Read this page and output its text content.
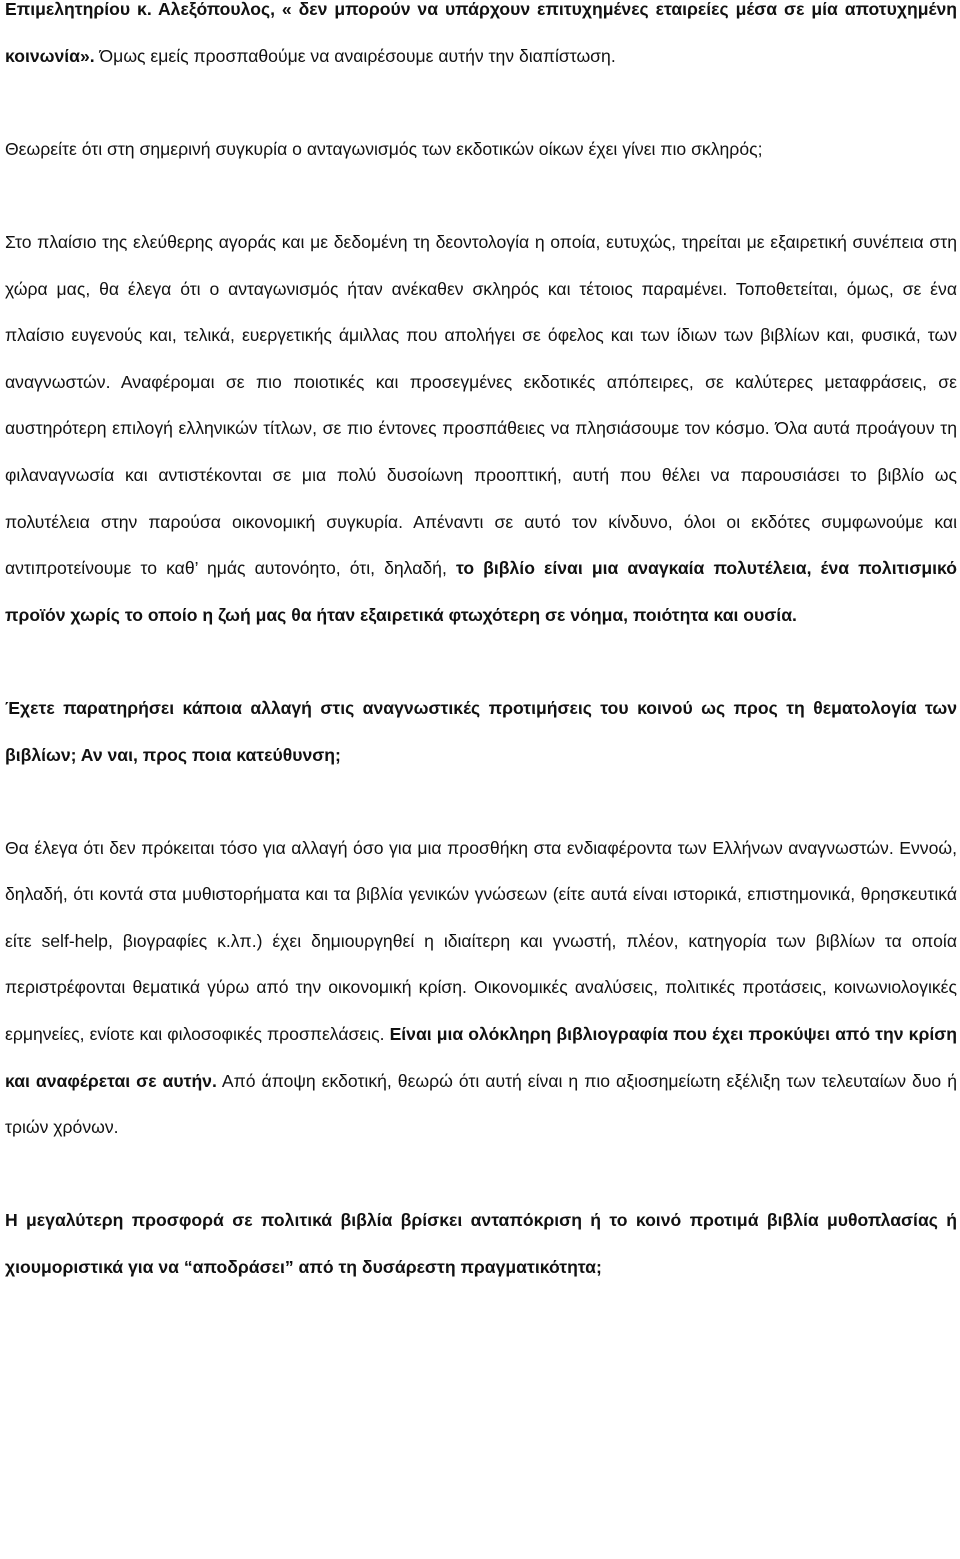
Επιμελητηρίου κ. Αλεξόπουλος, « δεν μπορούν να υπάρχουν επιτυχημένες εταιρείες μέσα σε μία αποτυχημένη κοινωνία». Όμως εμείς προσπαθούμε να αναιρέσουμε αυτήν την διαπίστωση.

Θεωρείτε ότι στη σημερινή συγκυρία ο ανταγωνισμός των εκδοτικών οίκων έχει γίνει πιο σκληρός;

Στο πλαίσιο της ελεύθερης αγοράς και με δεδομένη τη δεοντολογία η οποία, ευτυχώς, τηρείται με εξαιρετική συνέπεια στη χώρα μας, θα έλεγα ότι ο ανταγωνισμός ήταν ανέκαθεν σκληρός και τέτοιος παραμένει. Τοποθετείται, όμως, σε ένα πλαίσιο ευγενούς και, τελικά, ευεργετικής άμιλλας που απολήγει σε όφελος και των ίδιων των βιβλίων και, φυσικά, των αναγνωστών. Αναφέρομαι σε πιο ποιοτικές και προσεγμένες εκδοτικές απόπειρες, σε καλύτερες μεταφράσεις, σε αυστηρότερη επιλογή ελληνικών τίτλων, σε πιο έντονες προσπάθειες να πλησιάσουμε τον κόσμο. Όλα αυτά προάγουν τη φιλαναγνωσία και αντιστέκονται σε μια πολύ δυσοίωνη προοπτική, αυτή που θέλει να παρουσιάσει το βιβλίο ως πολυτέλεια στην παρούσα οικονομική συγκυρία. Απέναντι σε αυτό τον κίνδυνο, όλοι οι εκδότες συμφωνούμε και αντιπροτείνουμε το καθ’ ημάς αυτονόητο, ότι, δηλαδή, το βιβλίο είναι μια αναγκαία πολυτέλεια, ένα πολιτισμικό προϊόν χωρίς το οποίο η ζωή μας θα ήταν εξαιρετικά φτωχότερη σε νόημα, ποιότητα και ουσία.

Έχετε παρατηρήσει κάποια αλλαγή στις αναγνωστικές προτιμήσεις του κοινού ως προς τη θεματολογία των βιβλίων; Αν ναι, προς ποια κατεύθυνση;

Θα έλεγα ότι δεν πρόκειται τόσο για αλλαγή όσο για μια προσθήκη στα ενδιαφέροντα των Ελλήνων αναγνωστών. Εννοώ, δηλαδή, ότι κοντά στα μυθιστορήματα και τα βιβλία γενικών γνώσεων (είτε αυτά είναι ιστορικά, επιστημονικά, θρησκευτικά είτε self-help, βιογραφίες κ.λπ.) έχει δημιουργηθεί η ιδιαίτερη και γνωστή, πλέον, κατηγορία των βιβλίων τα οποία περιστρέφονται θεματικά γύρω από την οικονομική κρίση. Οικονομικές αναλύσεις, πολιτικές προτάσεις, κοινωνιολογικές ερμηνείες, ενίοτε και φιλοσοφικές προσπελάσεις. Είναι μια ολόκληρη βιβλιογραφία που έχει προκύψει από την κρίση και αναφέρεται σε αυτήν. Από άποψη εκδοτική, θεωρώ ότι αυτή είναι η πιο αξιοσημείωτη εξέλιξη των τελευταίων δυο ή τριών χρόνων.

Η μεγαλύτερη προσφορά σε πολιτικά βιβλία βρίσκει ανταπόκριση ή το κοινό προτιμά βιβλία μυθοπλασίας ή χιουμοριστικά για να “αποδράσει” από τη δυσάρεστη πραγματικότητα;
